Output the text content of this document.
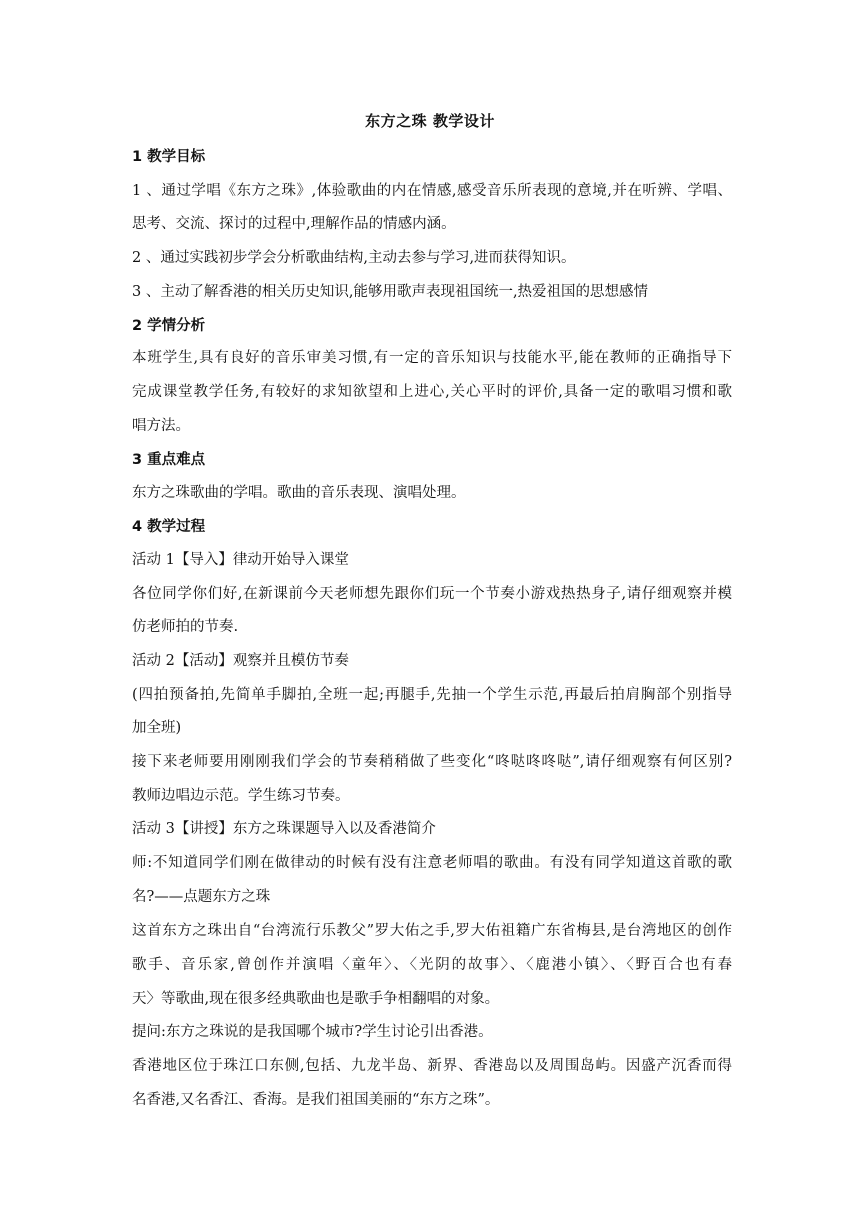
东方之珠 教学设计
1 教学目标
1 、通过学唱《东方之珠》,体验歌曲的内在情感,感受音乐所表现的意境,并在听辨、学唱、
思考、交流、探讨的过程中,理解作品的情感内涵。
2 、通过实践初步学会分析歌曲结构,主动去参与学习,进而获得知识。
3 、主动了解香港的相关历史知识,能够用歌声表现祖国统一,热爱祖国的思想感情
2 学情分析
本班学生,具有良好的音乐审美习惯,有一定的音乐知识与技能水平,能在教师的正确指导下
完成课堂教学任务,有较好的求知欲望和上进心,关心平时的评价,具备一定的歌唱习惯和歌
唱方法。
3 重点难点
东方之珠歌曲的学唱。歌曲的音乐表现、演唱处理。
4 教学过程
活动 1【导入】律动开始导入课堂
各位同学你们好,在新课前今天老师想先跟你们玩一个节奏小游戏热热身子,请仔细观察并模
仿老师拍的节奏.
活动 2【活动】观察并且模仿节奏
(四拍预备拍,先简单手脚拍,全班一起;再腿手,先抽一个学生示范,再最后拍肩胸部个别指导
加全班)
接下来老师要用刚刚我们学会的节奏稍稍做了些变化“咚哒咚咚哒”,请仔细观察有何区别?
教师边唱边示范。学生练习节奏。
活动 3【讲授】东方之珠课题导入以及香港简介
师:不知道同学们刚在做律动的时候有没有注意老师唱的歌曲。有没有同学知道这首歌的歌
名?——点题东方之珠
这首东方之珠出自“台湾流行乐教父”罗大佑之手,罗大佑祖籍广东省梅县,是台湾地区的创作
歌手、音乐家,曾创作并演唱〈童年〉、〈光阴的故事〉、〈鹿港小镇〉、〈野百合也有春
天〉等歌曲,现在很多经典歌曲也是歌手争相翻唱的对象。
提问:东方之珠说的是我国哪个城市?学生讨论引出香港。
香港地区位于珠江口东侧,包括、九龙半岛、新界、香港岛以及周围岛屿。因盛产沉香而得
名香港,又名香江、香海。是我们祖国美丽的“东方之珠”。
